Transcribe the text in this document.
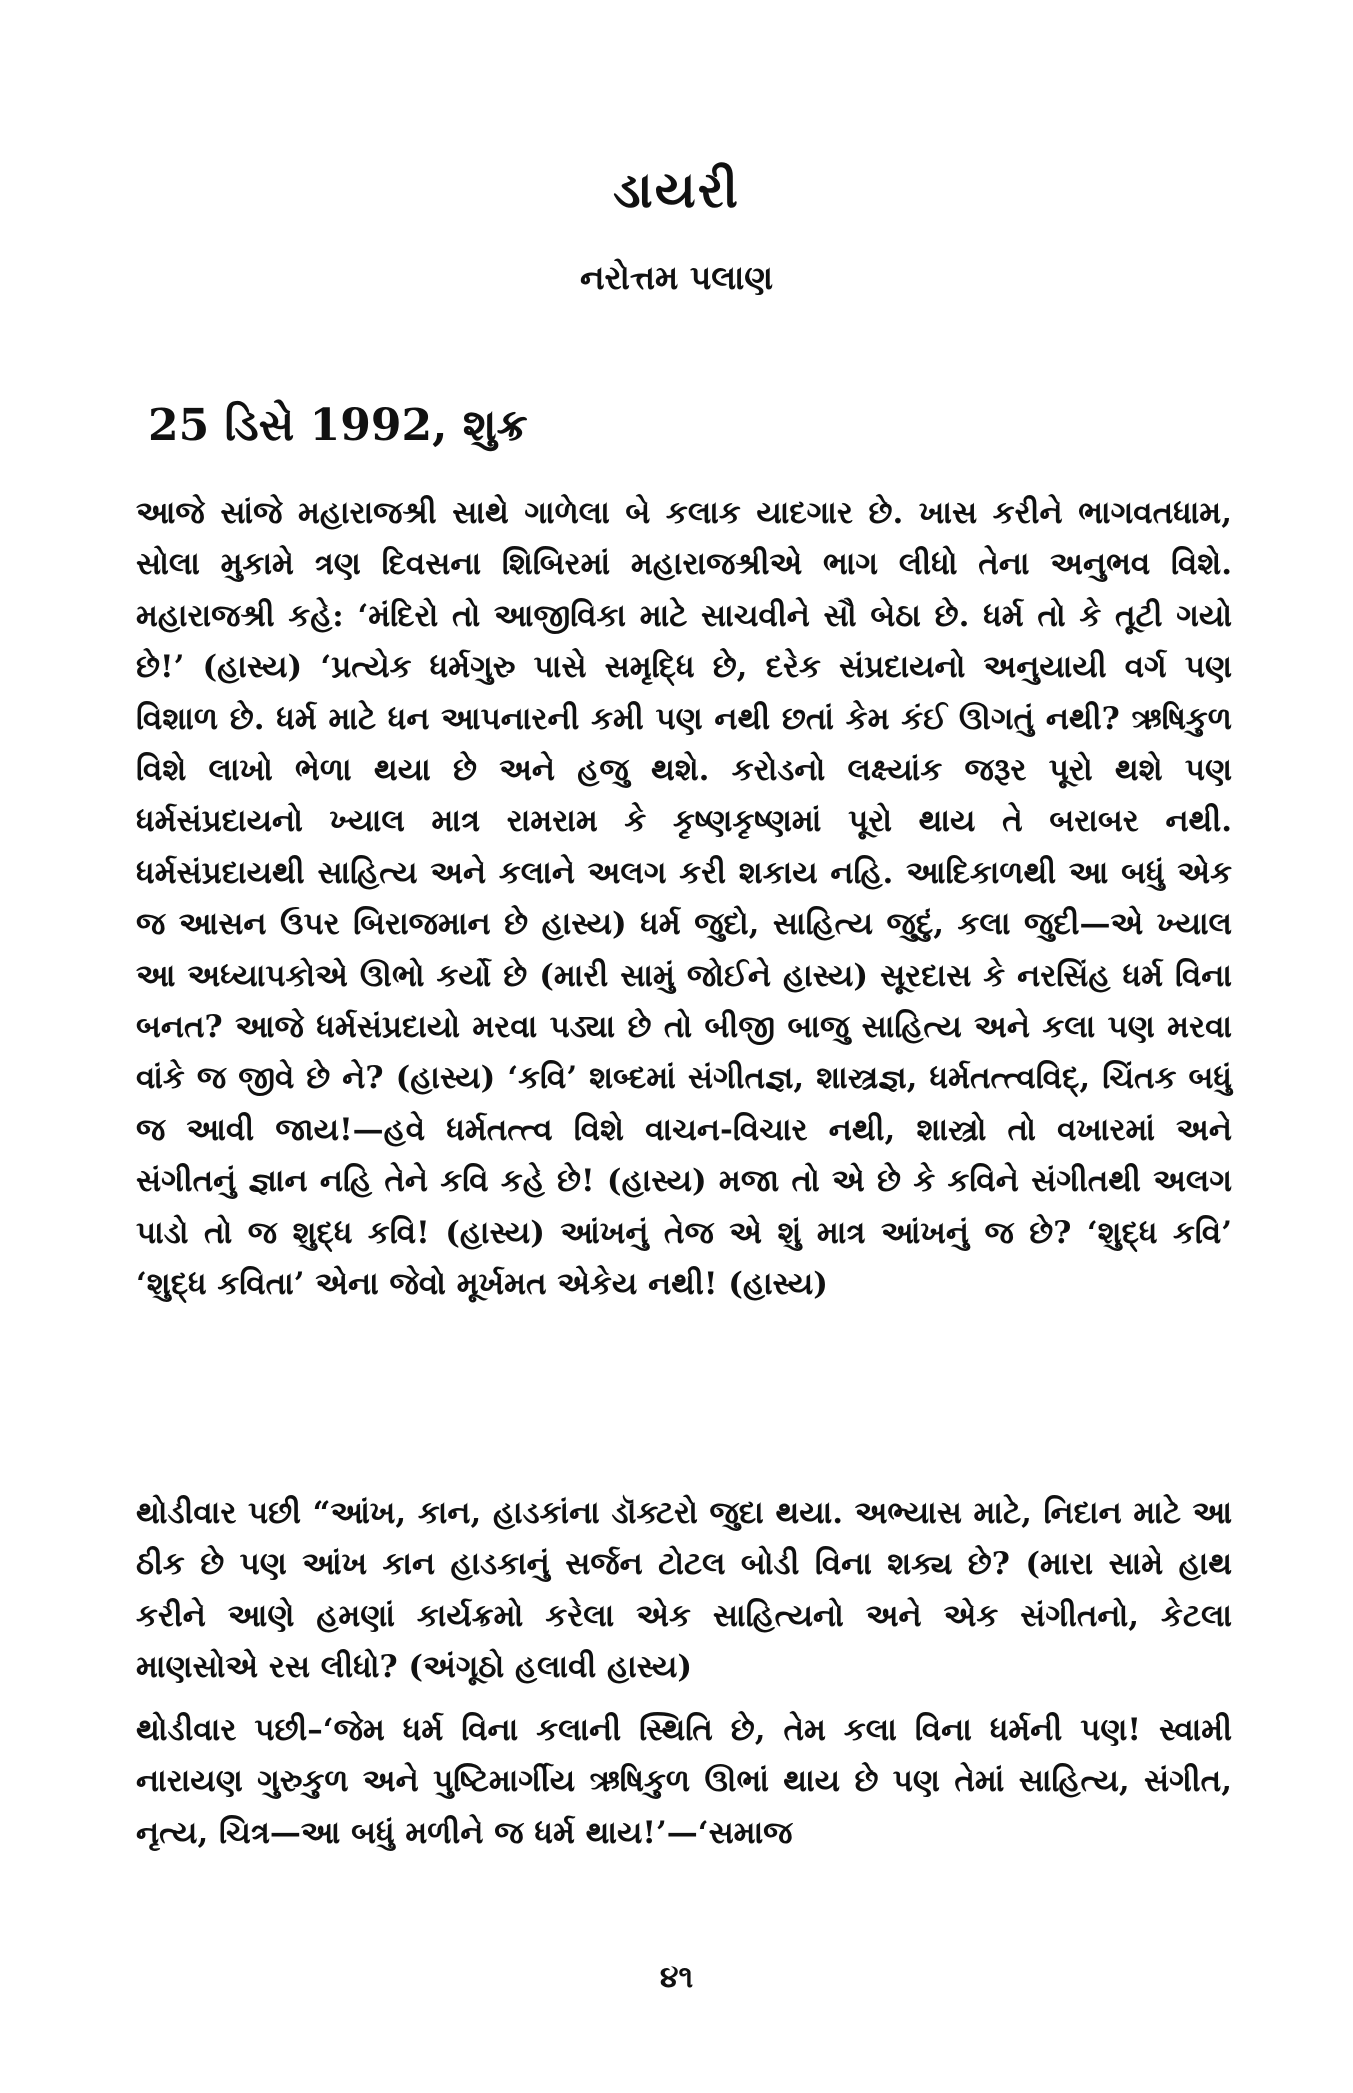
ડાયરી
નરોત્તમ પલાણ
25 ડિસે 1992, શુક્ર

આજે સાંજે મહારાજશ્રી સાથે ગાળેલા બે કલાક યાદગાર છે. ખાસ કરીને ભાગવતધામ, સોલા મુકામે ત્રણ દિવસના શિબિરમાં મહારાજશ્રીએ ભાગ લીધો તેના અનુભવ વિશે. મહારાજશ્રી કહે: ‘મંદિરો તો આજીવિકા માટે સાચવીને સૌ બેઠા છે. ધર્મ તો કે તૂટી ગયો છે!’ (હાસ્ય) ‘પ્રત્યેક ધર્મગુરુ પાસે સમૃદ્ધિ છે, દરેક સંપ્રદાયનો અનુયાયી વર્ગ પણ વિશાળ છે. ધર્મ માટે ધન આપનારની કમી પણ નથી છતાં કેમ કંઈ ઊગતું નથી? ઋષિકુળ વિશે લાખો ભેળા થયા છે અને હજુ થશે. કરોડનો લક્ષ્યાંક જરૂર પૂરો થશે પણ ધર્મસંપ્રદાયનો ખ્યાલ માત્ર રામરામ કે કૃષ્ણકૃષ્ણમાં પૂરો થાય તે બરાબર નથી. ધર્મસંપ્રદાયથી સાહિત્ય અને કલાને અલગ કરી શકાય નહિ. આદિકાળથી આ બધું એક જ આસન ઉપર બિરાજમાન છે હાસ્ય) ધર્મ જુદો, સાહિત્ય જુદું, કલા જુદી—એ ખ્યાલ આ અધ્યાપકોએ ઊભો કર્યો છે (મારી સામું જોઈને હાસ્ય) સૂરદાસ કે નરસિંહ ધર્મ વિના બનત? આજે ધર્મસંપ્રદાયો મરવા પડ્યા છે તો બીજી બાજુ સાહિત્ય અને કલા પણ મરવા વાંકે જ જીવે છે ને? (હાસ્ય) ‘કવિ’ શબ્દમાં સંગીતજ્ઞ, શાસ્ત્રજ્ઞ, ધર્મતત્ત્વવિદ્, ચિંતક બધું જ આવી જાય!—હવે ધર્મતત્ત્વ વિશે વાચન-વિચાર નથી, શાસ્ત્રો તો વખારમાં અને સંગીતનું જ્ઞાન નહિ તેને કવિ કહે છે! (હાસ્ય) મજા તો એ છે કે કવિને સંગીતથી અલગ પાડો તો જ શુદ્ધ કવિ! (હાસ્ય) આંખનું તેજ એ શું માત્ર આંખનું જ છે? ‘શુદ્ધ કવિ’ ‘શુદ્ધ કવિતા’ એના જેવો મૂર્ખમત એકેય નથી! (હાસ્ય)

થોડીવાર પછી “આંખ, કાન, હાડકાંના ડૉક્ટરો જુદા થયા. અભ્યાસ માટે, નિદાન માટે આ ઠીક છે પણ આંખ કાન હાડકાનું સર્જન ટોટલ બોડી વિના શક્ય છે? (મારા સામે હાથ કરીને આણે હમણાં કાર્યક્રમો કરેલા એક સાહિત્યનો અને એક સંગીતનો, કેટલા માણસોએ રસ લીધો? (અંગૂઠો હલાવી હાસ્ય)

થોડીવાર પછી–‘જેમ ધર્મ વિના કલાની સ્થિતિ છે, તેમ કલા વિના ધર્મની પણ! સ્વામી નારાયણ ગુરુકુળ અને પુષ્ટિમાર્ગીય ઋષિકુળ ઊભાં થાય છે પણ તેમાં સાહિત્ય, સંગીત, નૃત્ય, ચિત્ર—આ બધું મળીને જ ધર્મ થાય!’—‘સમાજ

૪૧
